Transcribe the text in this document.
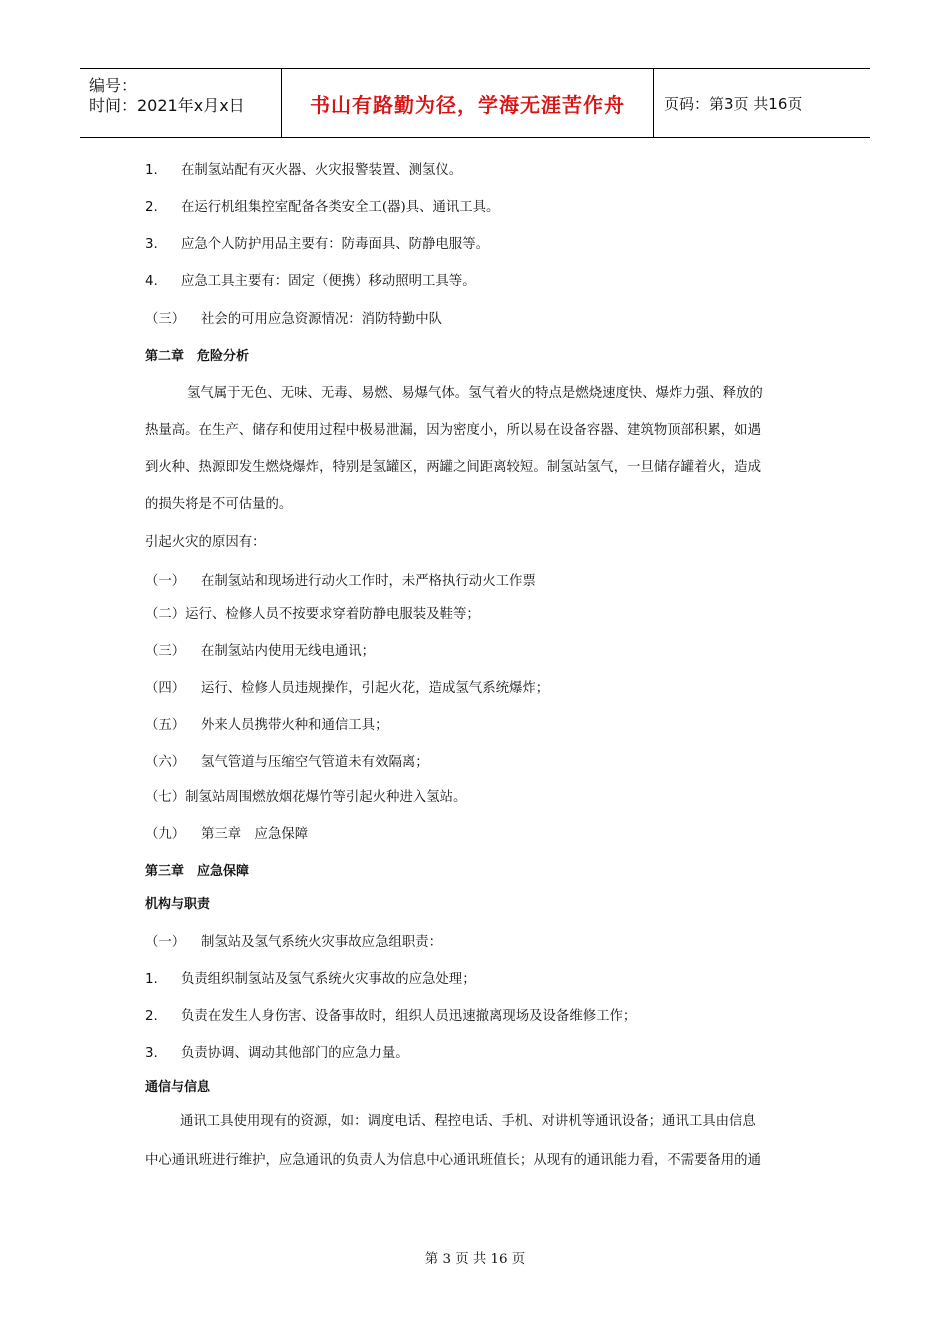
编号：
时间：2021年x月x日	书山有路勤为径，学海无涯苦作舟	页码：第3页 共16页
1. 在制氢站配有灭火器、火灾报警装置、测氢仪。
2. 在运行机组集控室配备各类安全工(器)具、通讯工具。
3. 应急个人防护用品主要有：防毒面具、防静电服等。
4. 应急工具主要有：固定（便携）移动照明工具等。
（三） 社会的可用应急资源情况：消防特勤中队
第二章　危险分析
氢气属于无色、无味、无毒、易燃、易爆气体。氢气着火的特点是燃烧速度快、爆炸力强、释放的
热量高。在生产、储存和使用过程中极易泄漏，因为密度小，所以易在设备容器、建筑物顶部积累，如遇
到火种、热源即发生燃烧爆炸，特别是氢罐区，两罐之间距离较短。制氢站氢气，一旦储存罐着火，造成
的损失将是不可估量的。
引起火灾的原因有：
（一） 在制氢站和现场进行动火工作时，未严格执行动火工作票
（二）运行、检修人员不按要求穿着防静电服装及鞋等；
（三） 在制氢站内使用无线电通讯；
（四） 运行、检修人员违规操作，引起火花，造成氢气系统爆炸；
（五） 外来人员携带火种和通信工具；
（六） 氢气管道与压缩空气管道未有效隔离；
（七）制氢站周围燃放烟花爆竹等引起火种进入氢站。
（九） 第三章　应急保障
第三章　应急保障
机构与职责
（一） 制氢站及氢气系统火灾事故应急组职责：
1. 负责组织制氢站及氢气系统火灾事故的应急处理；
2. 负责在发生人身伤害、设备事故时，组织人员迅速撤离现场及设备维修工作；
3. 负责协调、调动其他部门的应急力量。
通信与信息
通讯工具使用现有的资源，如：调度电话、程控电话、手机、对讲机等通讯设备；通讯工具由信息
中心通讯班进行维护，应急通讯的负责人为信息中心通讯班值长；从现有的通讯能力看，不需要备用的通
第 3 页 共 16 页
